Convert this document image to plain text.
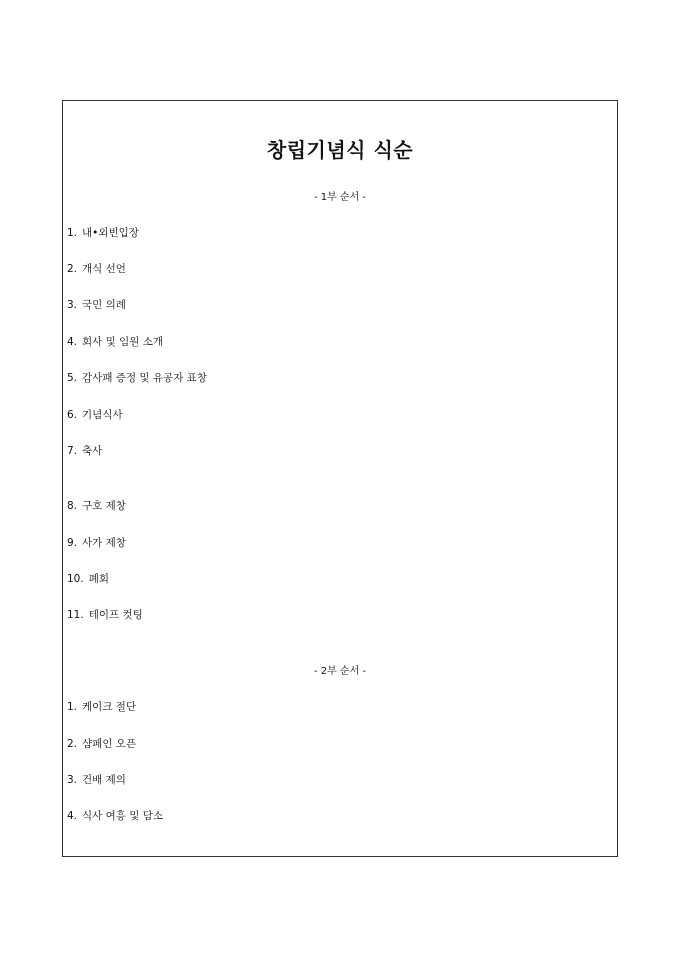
창립기념식 식순
- 1부 순서 -
1. 내•외빈입장
2. 개식 선언
3. 국민 의례
4. 회사 및 임원 소개
5. 감사패 증정 및 유공자 표창
6. 기념식사
7. 축사
8. 구호 제창
9. 사가 제창
10. 폐회
11. 테이프 컷팅
- 2부 순서 -
1. 케이크 절단
2. 샴페인 오픈
3. 건배 제의
4. 식사 여흥 및 담소
